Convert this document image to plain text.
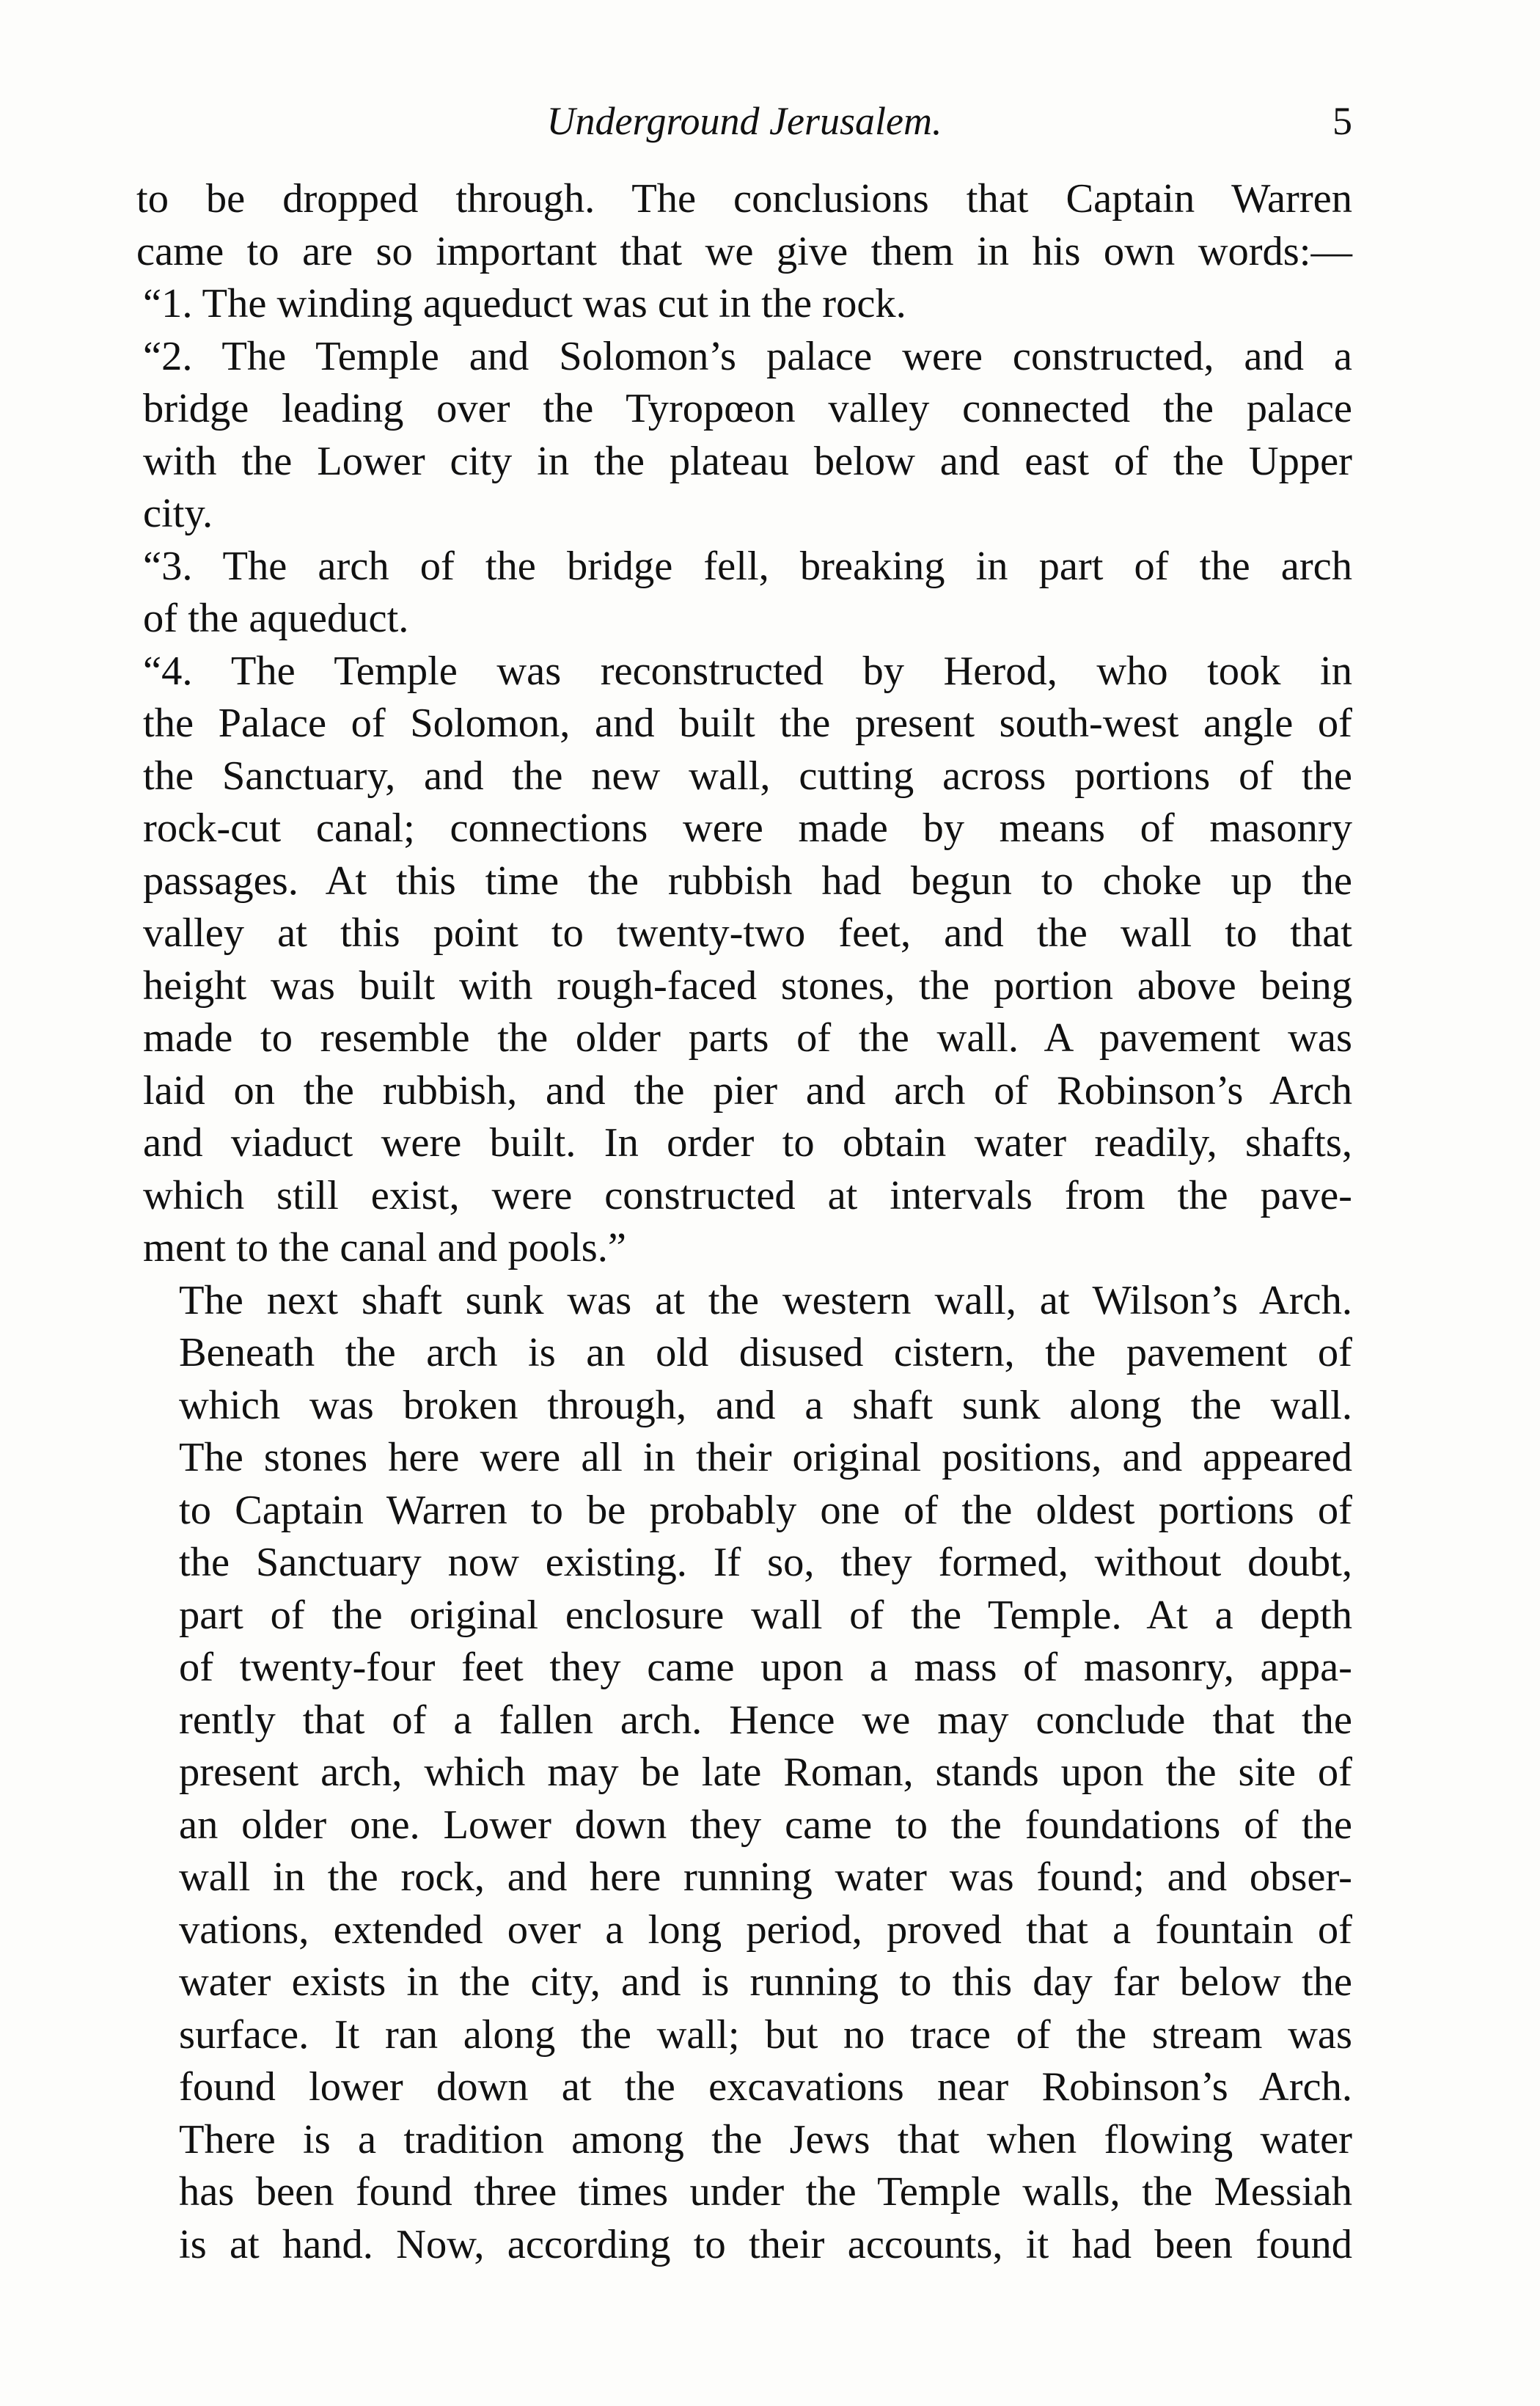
Underground Jerusalem.	5

to be dropped through. The conclusions that Captain Warren
came to are so important that we give them in his own words:—

“1. The winding aqueduct was cut in the rock.

“2. The Temple and Solomon’s palace were constructed, and a
bridge leading over the Tyropœon valley connected the palace
with the Lower city in the plateau below and east of the Upper
city.

“3. The arch of the bridge fell, breaking in part of the arch
of the aqueduct.

“4. The Temple was reconstructed by Herod, who took in
the Palace of Solomon, and built the present south-west angle of
the Sanctuary, and the new wall, cutting across portions of the
rock-cut canal; connections were made by means of masonry
passages. At this time the rubbish had begun to choke up the
valley at this point to twenty-two feet, and the wall to that
height was built with rough-faced stones, the portion above being
made to resemble the older parts of the wall. A pavement was
laid on the rubbish, and the pier and arch of Robinson’s Arch
and viaduct were built. In order to obtain water readily, shafts,
which still exist, were constructed at intervals from the pave-
ment to the canal and pools.”

The next shaft sunk was at the western wall, at Wilson’s Arch.
Beneath the arch is an old disused cistern, the pavement of
which was broken through, and a shaft sunk along the wall.
The stones here were all in their original positions, and appeared
to Captain Warren to be probably one of the oldest portions of
the Sanctuary now existing. If so, they formed, without doubt,
part of the original enclosure wall of the Temple. At a depth
of twenty-four feet they came upon a mass of masonry, appa-
rently that of a fallen arch. Hence we may conclude that the
present arch, which may be late Roman, stands upon the site of
an older one. Lower down they came to the foundations of the
wall in the rock, and here running water was found; and obser-
vations, extended over a long period, proved that a fountain of
water exists in the city, and is running to this day far below the
surface. It ran along the wall; but no trace of the stream was
found lower down at the excavations near Robinson’s Arch.
There is a tradition among the Jews that when flowing water
has been found three times under the Temple walls, the Messiah
is at hand. Now, according to their accounts, it had been found
